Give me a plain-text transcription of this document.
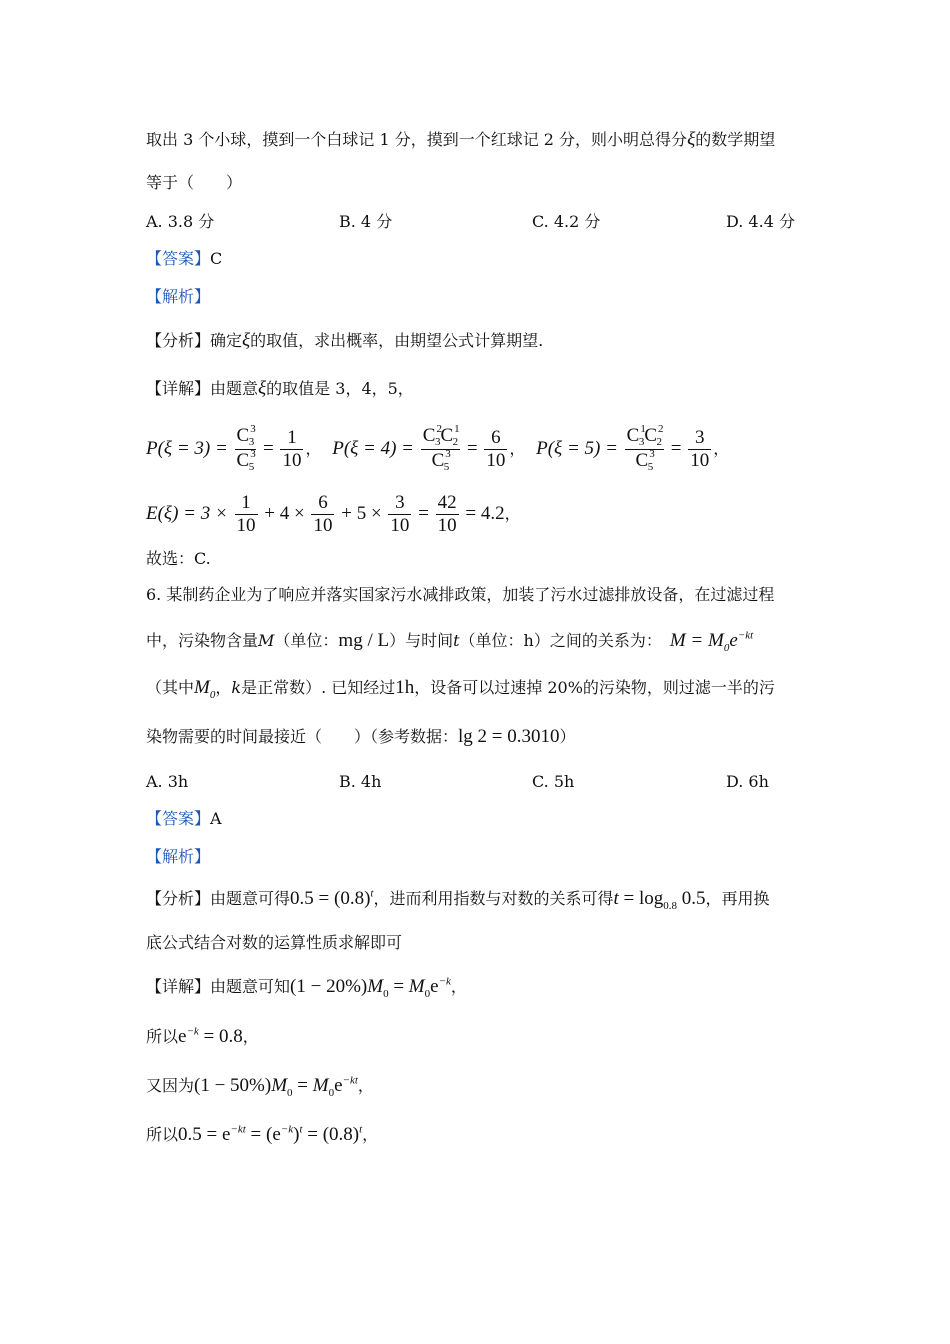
取出 3 个小球，摸到一个白球记 1 分，摸到一个红球记 2 分，则小明总得分ξ的数学期望
等于（　　）
A. 3.8 分	B. 4 分	C. 4.2 分	D. 4.4 分
【答案】C
【解析】
【分析】确定ξ的取值，求出概率，由期望公式计算期望.
【详解】由题意ξ的取值是 3，4，5，
$P(\xi = 3) = \frac{C^3_3}{C^3_5} = \frac{1}{10}$ ， $P(\xi = 4) = \frac{C^2_3C^1_2}{C^3_5} = \frac{6}{10}$ ， $P(\xi = 5) = \frac{C^1_3C^2_2}{C^3_5} = \frac{3}{10}$ ，
$E(\xi) = 3 \times \frac{1}{10} + 4 \times \frac{6}{10} + 5 \times \frac{3}{10} = \frac{42}{10} = 4.2$，
故选：C.
6. 某制药企业为了响应并落实国家污水减排政策，加装了污水过滤排放设备，在过滤过程
中，污染物含量M（单位：mg / L）与时间t（单位：h）之间的关系为： $M = M_0e^{-kt}$
（其中$M_0$，k是正常数）. 已知经过1h，设备可以过速掉 20%的污染物，则过滤一半的污
染物需要的时间最接近（　　）（参考数据：lg 2 = 0.3010）
A. 3h	B. 4h	C. 5h	D. 6h
【答案】A
【解析】
【分析】由题意可得$0.5 = (0.8)^t$，进而利用指数与对数的关系可得$t = \log_{0.8} 0.5$，再用换
底公式结合对数的运算性质求解即可
【详解】由题意可知$(1 - 20\%)M_0 = M_0e^{-k}$，
所以$e^{-k} = 0.8$，
又因为$(1 - 50\%)M_0 = M_0e^{-kt}$，
所以$0.5 = e^{-kt} = (e^{-k})^t = (0.8)^t$，
